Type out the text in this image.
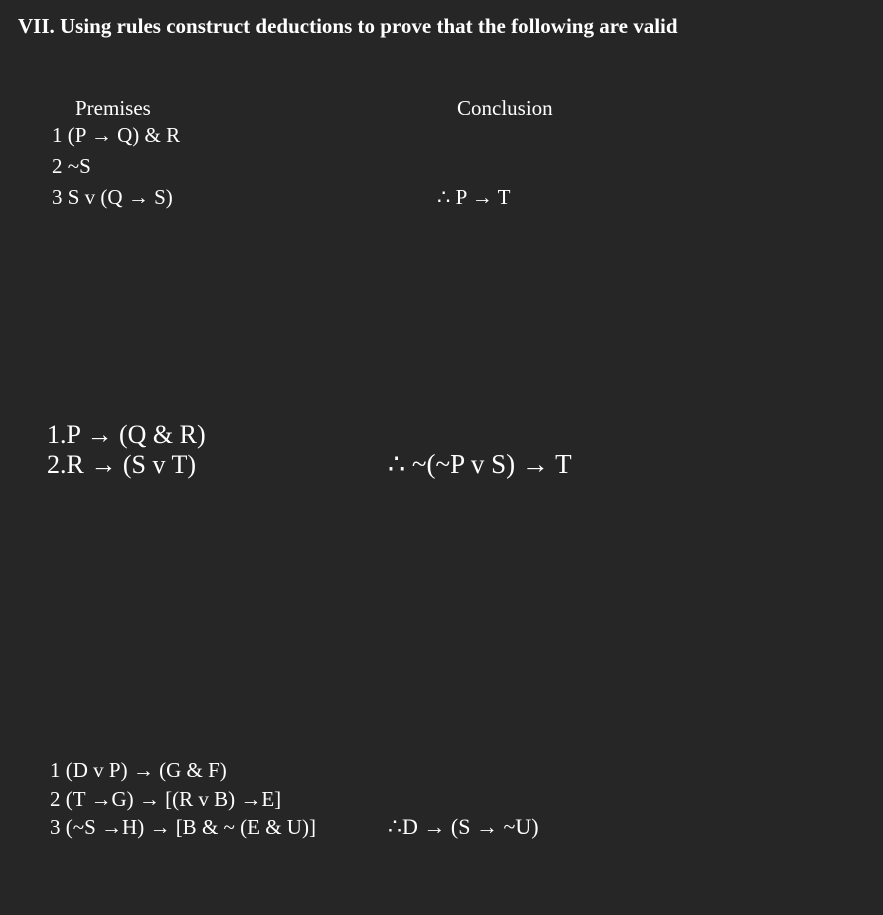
VII. Using rules construct deductions to prove that the following are valid
Premises	Conclusion
1 (P → Q) & R
2 ~S
3 S v (Q → S)	∴ P → T
1.P → (Q & R)
2.R → (S v T)	∴ ~(~P v S) → T
1 (D v P) → (G & F)
2 (T →G) → [(R v B) →E]
3 (~S →H) → [B & ~ (E & U)]	∴D → (S → ~U)
